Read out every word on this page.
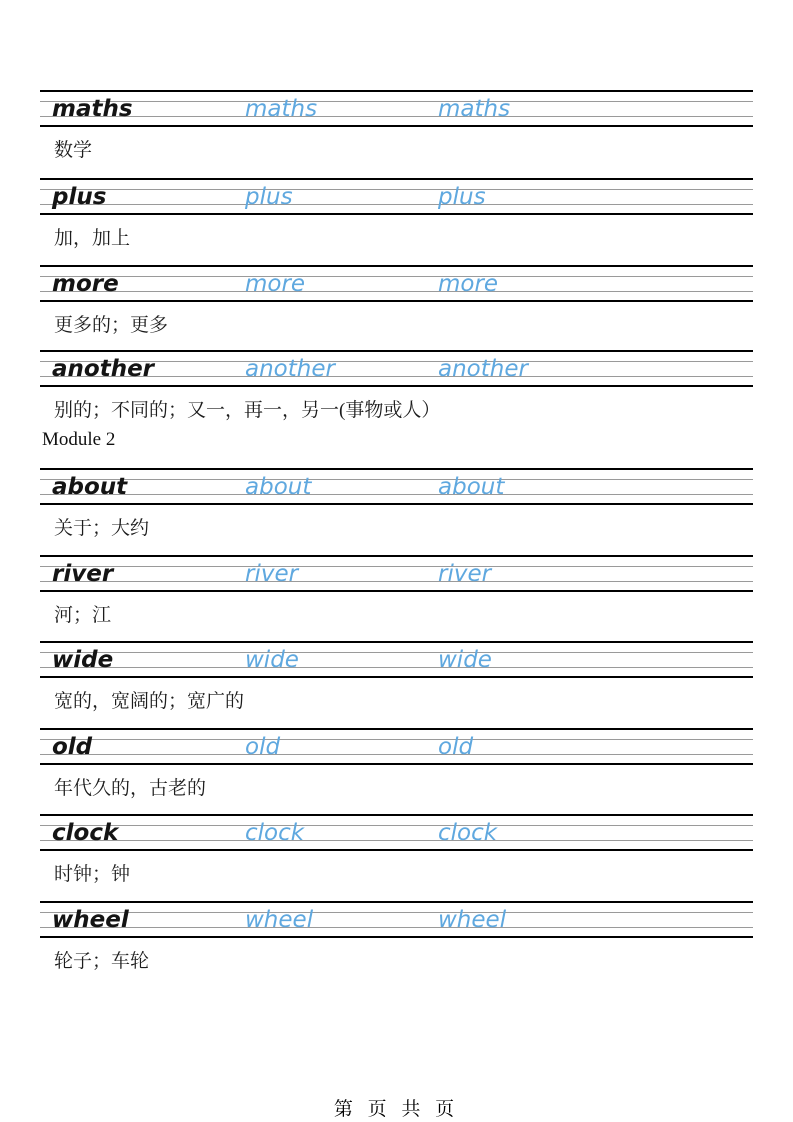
maths	maths	maths
数学
plus	plus	plus
加，加上
more	more	more
更多的；更多
another	another	another
别的；不同的；又一，再一，另一(事物或人）
Module 2
about	about	about
关于；大约
river	river	river
河；江
wide	wide	wide
宽的，宽阔的；宽广的
old	old	old
年代久的，古老的
clock	clock	clock
时钟；钟
wheel	wheel	wheel
轮子；车轮
第 页 共 页
